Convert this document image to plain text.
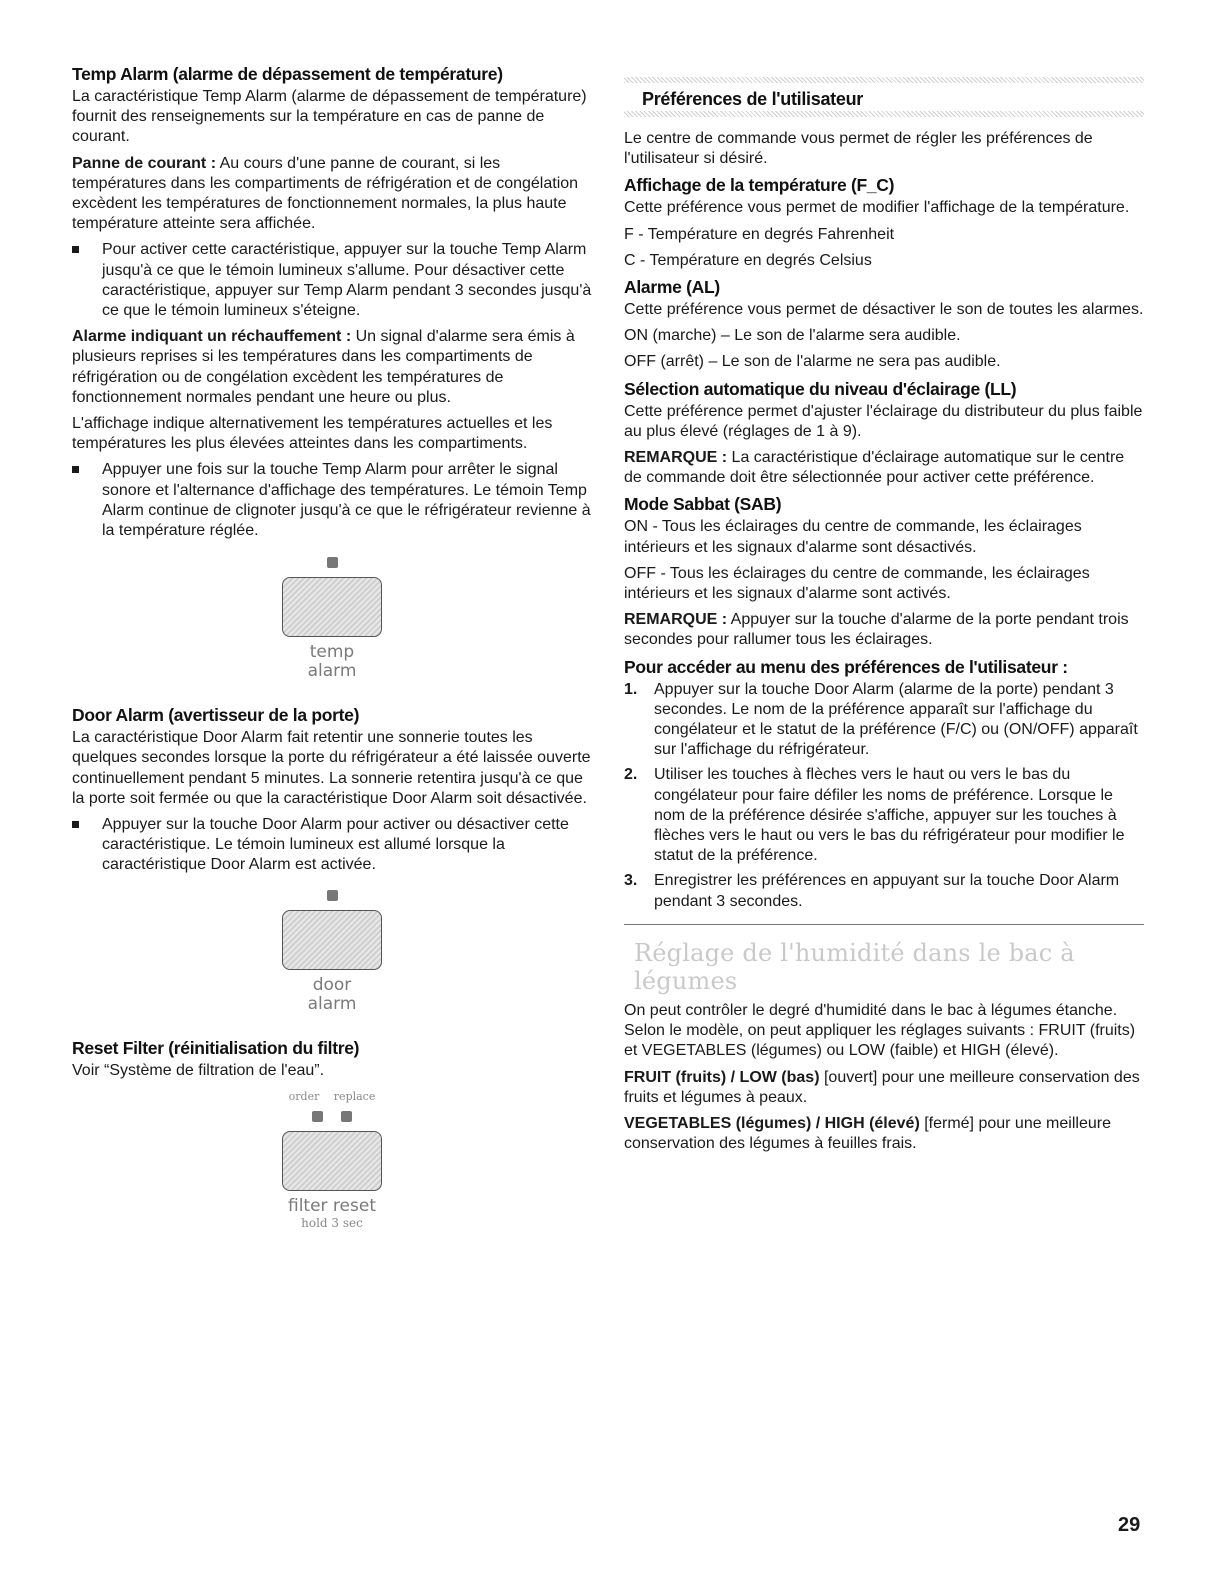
Temp Alarm (alarme de dépassement de température)

La caractéristique Temp Alarm (alarme de dépassement de température) fournit des renseignements sur la température en cas de panne de courant.

Panne de courant : Au cours d'une panne de courant, si les températures dans les compartiments de réfrigération et de congélation excèdent les températures de fonctionnement normales, la plus haute température atteinte sera affichée.

Pour activer cette caractéristique, appuyer sur la touche Temp Alarm jusqu'à ce que le témoin lumineux s'allume. Pour désactiver cette caractéristique, appuyer sur Temp Alarm pendant 3 secondes jusqu'à ce que le témoin lumineux s'éteigne.

Alarme indiquant un réchauffement : Un signal d'alarme sera émis à plusieurs reprises si les températures dans les compartiments de réfrigération ou de congélation excèdent les températures de fonctionnement normales pendant une heure ou plus.

L'affichage indique alternativement les températures actuelles et les températures les plus élevées atteintes dans les compartiments.

Appuyer une fois sur la touche Temp Alarm pour arrêter le signal sonore et l'alternance d'affichage des températures. Le témoin Temp Alarm continue de clignoter jusqu'à ce que le réfrigérateur revienne à la température réglée.
temp
alarm
Door Alarm (avertisseur de la porte)

La caractéristique Door Alarm fait retentir une sonnerie toutes les quelques secondes lorsque la porte du réfrigérateur a été laissée ouverte continuellement pendant 5 minutes. La sonnerie retentira jusqu'à ce que la porte soit fermée ou que la caractéristique Door Alarm soit désactivée.

Appuyer sur la touche Door Alarm pour activer ou désactiver cette caractéristique. Le témoin lumineux est allumé lorsque la caractéristique Door Alarm est activée.
door
alarm
Reset Filter (réinitialisation du filtre)

Voir “Système de filtration de l'eau”.

order replace

filter reset
hold 3 sec
Préférences de l'utilisateur

Le centre de commande vous permet de régler les préférences de l'utilisateur si désiré.

Affichage de la température (F_C)

Cette préférence vous permet de modifier l'affichage de la température.

F - Température en degrés Fahrenheit

C - Température en degrés Celsius

Alarme (AL)

Cette préférence vous permet de désactiver le son de toutes les alarmes.

ON (marche) – Le son de l'alarme sera audible.

OFF (arrêt) – Le son de l'alarme ne sera pas audible.

Sélection automatique du niveau d'éclairage (LL)

Cette préférence permet d'ajuster l'éclairage du distributeur du plus faible au plus élevé (réglages de 1 à 9).

REMARQUE : La caractéristique d'éclairage automatique sur le centre de commande doit être sélectionnée pour activer cette préférence.

Mode Sabbat (SAB)

ON - Tous les éclairages du centre de commande, les éclairages intérieurs et les signaux d'alarme sont désactivés.

OFF - Tous les éclairages du centre de commande, les éclairages intérieurs et les signaux d'alarme sont activés.

REMARQUE : Appuyer sur la touche d'alarme de la porte pendant trois secondes pour rallumer tous les éclairages.

Pour accéder au menu des préférences de l'utilisateur :
1. Appuyer sur la touche Door Alarm (alarme de la porte) pendant 3 secondes. Le nom de la préférence apparaît sur l'affichage du congélateur et le statut de la préférence (F/C) ou (ON/OFF) apparaît sur l'affichage du réfrigérateur.
2. Utiliser les touches à flèches vers le haut ou vers le bas du congélateur pour faire défiler les noms de préférence. Lorsque le nom de la préférence désirée s'affiche, appuyer sur les touches à flèches vers le haut ou vers le bas du réfrigérateur pour modifier le statut de la préférence.
3. Enregistrer les préférences en appuyant sur la touche Door Alarm pendant 3 secondes.
Réglage de l'humidité dans le bac à légumes

On peut contrôler le degré d'humidité dans le bac à légumes étanche. Selon le modèle, on peut appliquer les réglages suivants : FRUIT (fruits) et VEGETABLES (légumes) ou LOW (faible) et HIGH (élevé).

FRUIT (fruits) / LOW (bas) [ouvert] pour une meilleure conservation des fruits et légumes à peaux.

VEGETABLES (légumes) / HIGH (élevé) [fermé] pour une meilleure conservation des légumes à feuilles frais.

29
